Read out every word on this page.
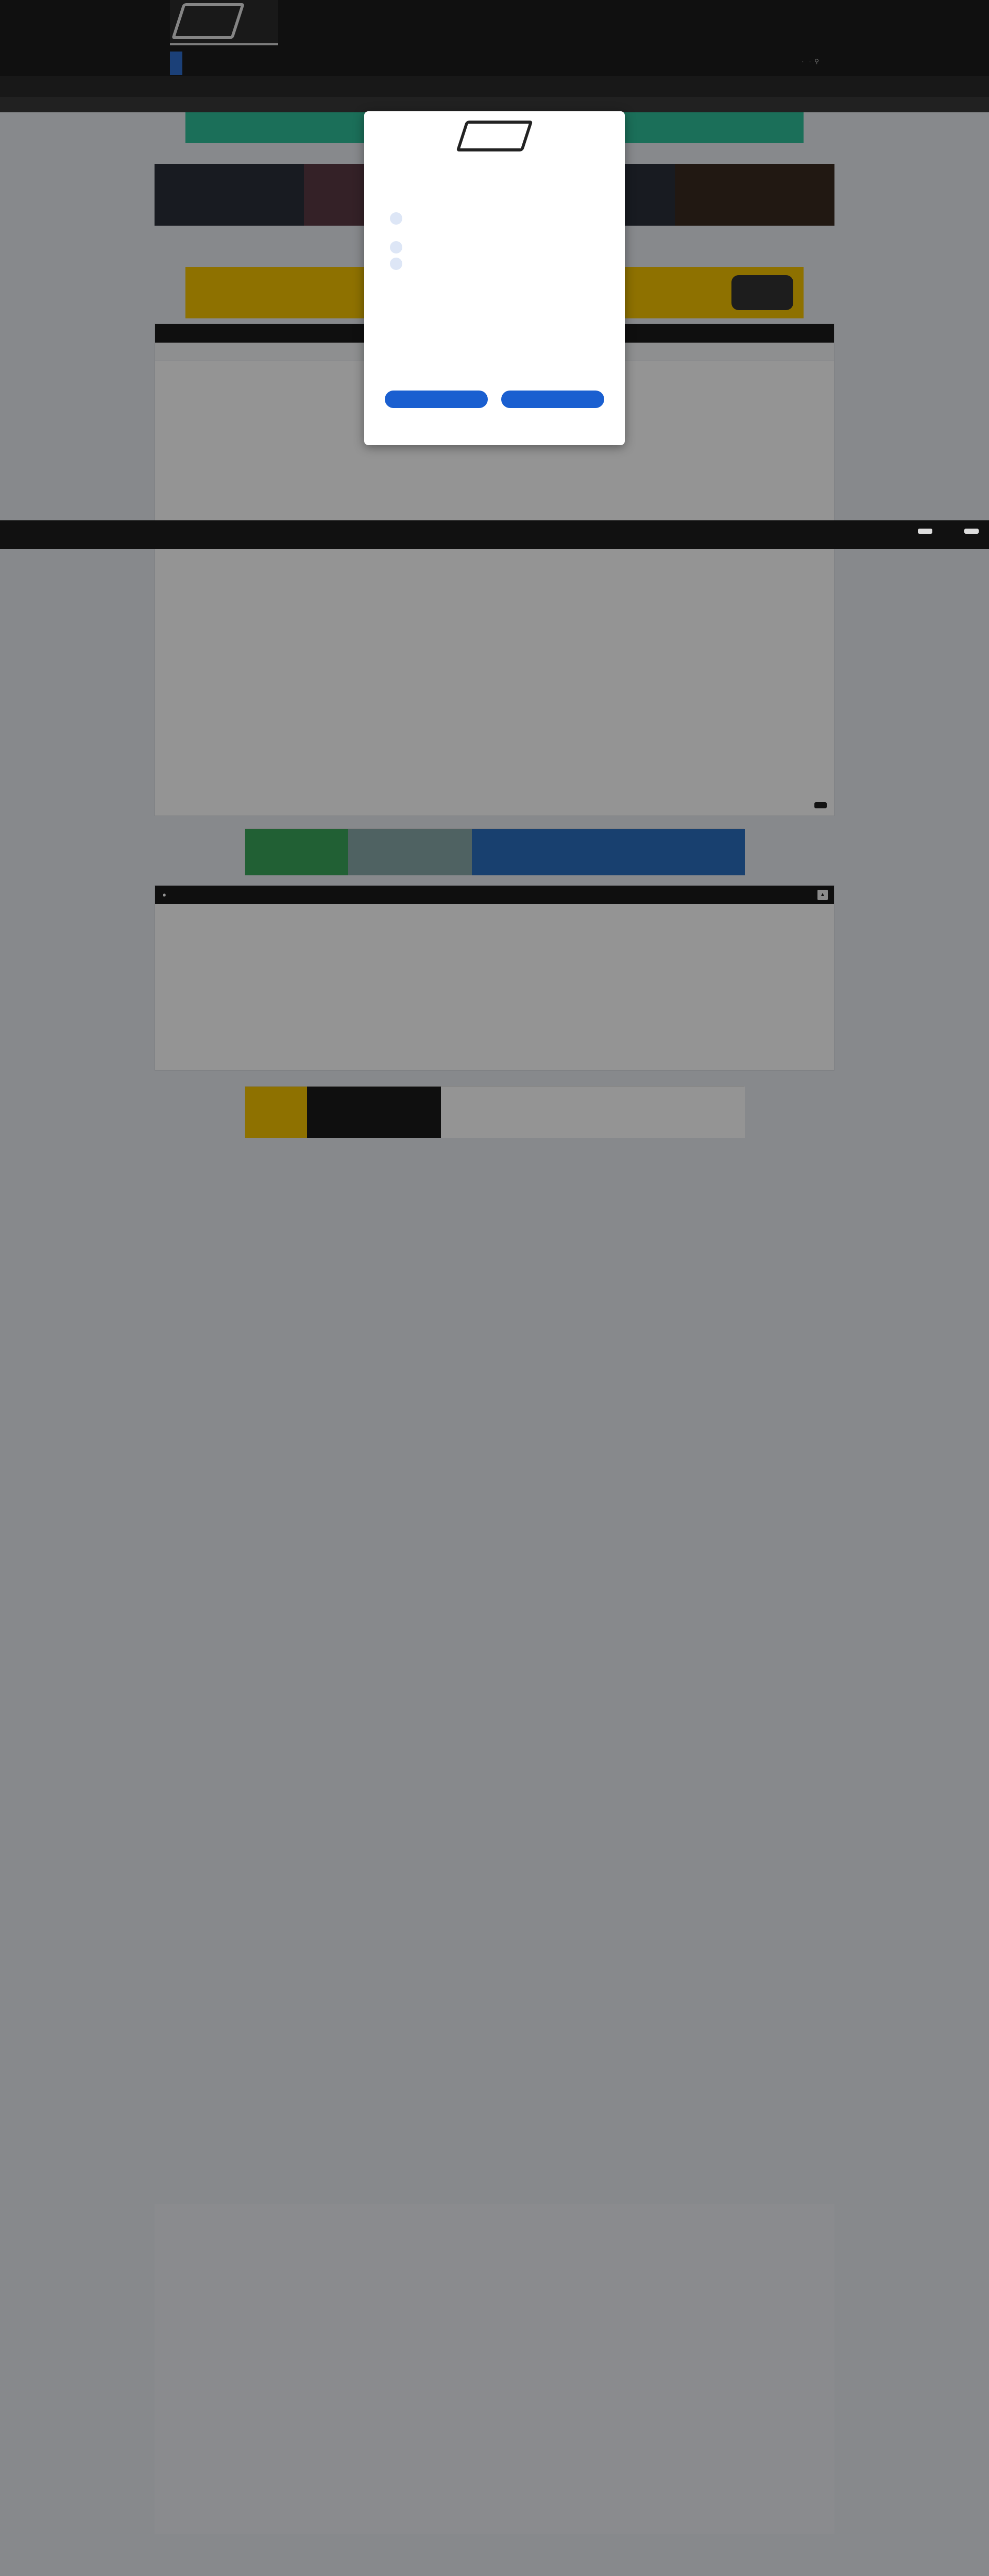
·   ·  ⚲
●	▲
